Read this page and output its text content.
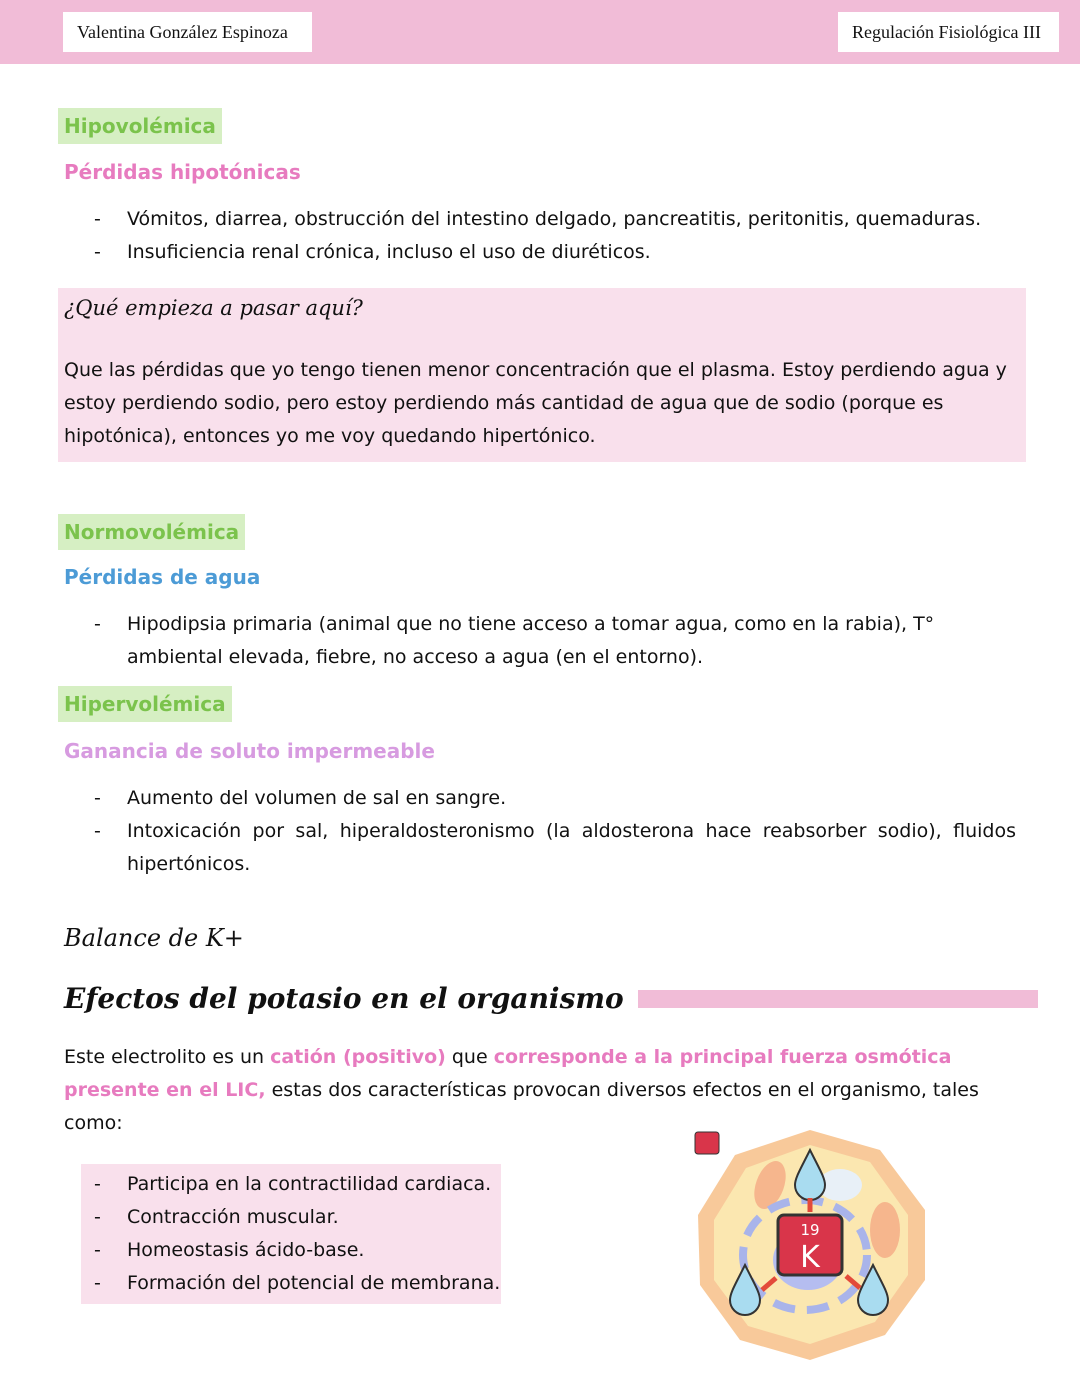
Valentina González Espinoza	Regulación Fisiológica III
Hipovolémica
Pérdidas hipotónicas
- Vómitos, diarrea, obstrucción del intestino delgado, pancreatitis, peritonitis, quemaduras.
- Insuficiencia renal crónica, incluso el uso de diuréticos.
¿Qué empieza a pasar aquí?

Que las pérdidas que yo tengo tienen menor concentración que el plasma. Estoy perdiendo agua y estoy perdiendo sodio, pero estoy perdiendo más cantidad de agua que de sodio (porque es hipotónica), entonces yo me voy quedando hipertónico.

Normovolémica
Pérdidas de agua
- Hipodipsia primaria (animal que no tiene acceso a tomar agua, como en la rabia), T° ambiental elevada, fiebre, no acceso a agua (en el entorno).
Hipervolémica
Ganancia de soluto impermeable
- Aumento del volumen de sal en sangre.
- Intoxicación por sal, hiperaldosteronismo (la aldosterona hace reabsorber sodio), fluidos hipertónicos.
Balance de K+
Efectos del potasio en el organismo

Este electrolito es un catión (positivo) que corresponde a la principal fuerza osmótica presente en el LIC, estas dos características provocan diversos efectos en el organismo, tales como:

- Participa en la contractilidad cardiaca.
- Contracción muscular.
- Homeostasis ácido-base.
- Formación del potencial de membrana.
19
K
